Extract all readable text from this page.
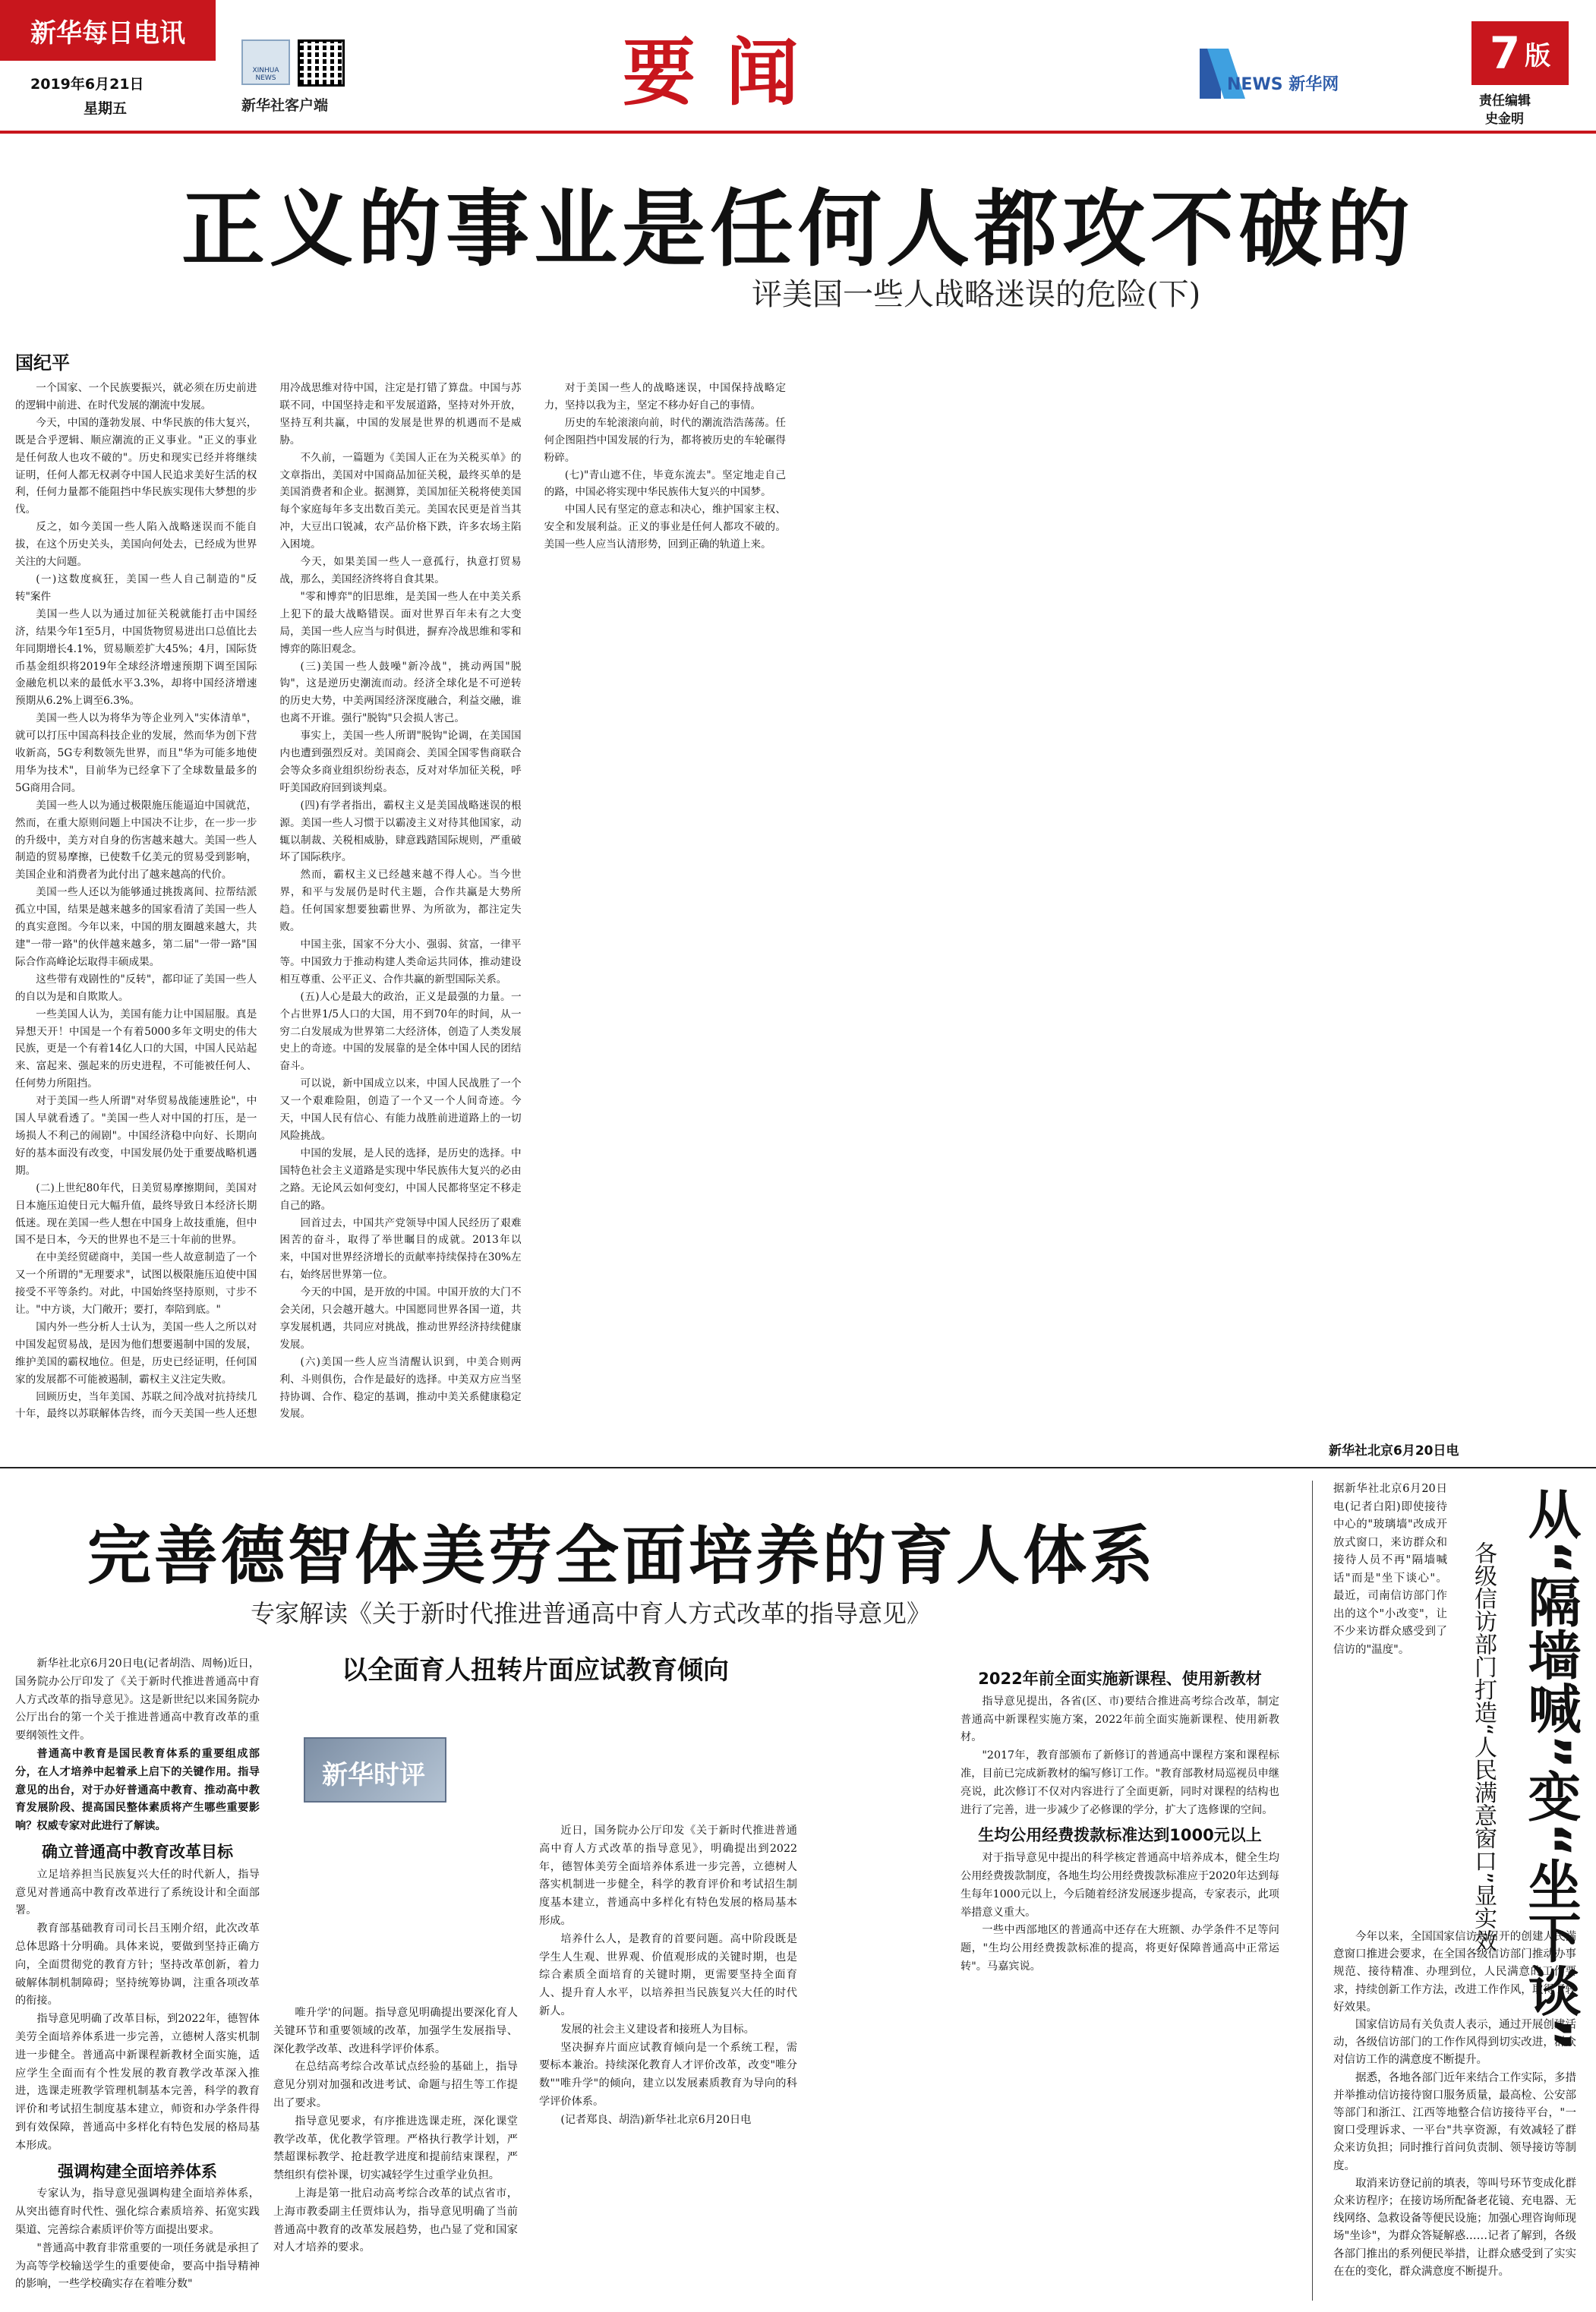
新华每日电讯
2019年6月21日
星期五
XINHUA NEWS
新华社客户端	要闻	NEWS 新华网
7 版
责任编辑
史金明
正义的事业是任何人都攻不破的
评美国一些人战略迷误的危险(下)
国纪平

一个国家、一个民族要振兴，就必须在历史前进的逻辑中前进、在时代发展的潮流中发展。

今天，中国的蓬勃发展、中华民族的伟大复兴，既是合乎逻辑、顺应潮流的正义事业。"正义的事业是任何敌人也攻不破的"。历史和现实已经并将继续证明，任何人都无权剥夺中国人民追求美好生活的权利，任何力量都不能阻挡中华民族实现伟大梦想的步伐。

反之，如今美国一些人陷入战略迷误而不能自拔，在这个历史关头，美国向何处去，已经成为世界关注的大问题。

(一)这数度疯狂，美国一些人自己制造的"反转"案件

美国一些人以为通过加征关税就能打击中国经济，结果今年1至5月，中国货物贸易进出口总值比去年同期增长4.1%，贸易顺差扩大45%；4月，国际货币基金组织将2019年全球经济增速预期下调至国际金融危机以来的最低水平3.3%，却将中国经济增速预期从6.2%上调至6.3%。

美国一些人以为将华为等企业列入"实体清单"，就可以打压中国高科技企业的发展，然而华为创下营收新高，5G专利数领先世界，而且"华为可能多地使用华为技术"，目前华为已经拿下了全球数量最多的5G商用合同。

美国一些人以为通过极限施压能逼迫中国就范，然而，在重大原则问题上中国决不让步，在一步一步的升级中，美方对自身的伤害越来越大。美国一些人制造的贸易摩擦，已使数千亿美元的贸易受到影响，美国企业和消费者为此付出了越来越高的代价。

美国一些人还以为能够通过挑拨离间、拉帮结派孤立中国，结果是越来越多的国家看清了美国一些人的真实意图。今年以来，中国的朋友圈越来越大，共建"一带一路"的伙伴越来越多，第二届"一带一路"国际合作高峰论坛取得丰硕成果。

这些带有戏剧性的"反转"，都印证了美国一些人的自以为是和自欺欺人。

一些美国人认为，美国有能力让中国屈服。真是异想天开！中国是一个有着5000多年文明史的伟大民族，更是一个有着14亿人口的大国，中国人民站起来、富起来、强起来的历史进程，不可能被任何人、任何势力所阻挡。

对于美国一些人所谓"对华贸易战能速胜论"，中国人早就看透了。"美国一些人对中国的打压，是一场损人不利己的闹剧"。中国经济稳中向好、长期向好的基本面没有改变，中国发展仍处于重要战略机遇期。

(二)上世纪80年代，日美贸易摩擦期间，美国对日本施压迫使日元大幅升值，最终导致日本经济长期低迷。现在美国一些人想在中国身上故技重施，但中国不是日本，今天的世界也不是三十年前的世界。

在中美经贸磋商中，美国一些人故意制造了一个又一个所谓的"无理要求"，试图以极限施压迫使中国接受不平等条约。对此，中国始终坚持原则，寸步不让。"中方谈，大门敞开；要打，奉陪到底。"

国内外一些分析人士认为，美国一些人之所以对中国发起贸易战，是因为他们想要遏制中国的发展，维护美国的霸权地位。但是，历史已经证明，任何国家的发展都不可能被遏制，霸权主义注定失败。

回顾历史，当年美国、苏联之间冷战对抗持续几十年，最终以苏联解体告终，而今天美国一些人还想用冷战思维对待中国，注定是打错了算盘。中国与苏联不同，中国坚持走和平发展道路，坚持对外开放，坚持互利共赢，中国的发展是世界的机遇而不是威胁。

不久前，一篇题为《美国人正在为关税买单》的文章指出，美国对中国商品加征关税，最终买单的是美国消费者和企业。据测算，美国加征关税将使美国每个家庭每年多支出数百美元。美国农民更是首当其冲，大豆出口锐减，农产品价格下跌，许多农场主陷入困境。

今天，如果美国一些人一意孤行，执意打贸易战，那么，美国经济终将自食其果。

"零和博弈"的旧思维，是美国一些人在中美关系上犯下的最大战略错误。面对世界百年未有之大变局，美国一些人应当与时俱进，摒弃冷战思维和零和博弈的陈旧观念。

(三)美国一些人鼓噪"新冷战"，挑动两国"脱钩"，这是逆历史潮流而动。经济全球化是不可逆转的历史大势，中美两国经济深度融合，利益交融，谁也离不开谁。强行"脱钩"只会损人害己。

事实上，美国一些人所谓"脱钩"论调，在美国国内也遭到强烈反对。美国商会、美国全国零售商联合会等众多商业组织纷纷表态，反对对华加征关税，呼吁美国政府回到谈判桌。

(四)有学者指出，霸权主义是美国战略迷误的根源。美国一些人习惯于以霸凌主义对待其他国家，动辄以制裁、关税相威胁，肆意践踏国际规则，严重破坏了国际秩序。

然而，霸权主义已经越来越不得人心。当今世界，和平与发展仍是时代主题，合作共赢是大势所趋。任何国家想要独霸世界、为所欲为，都注定失败。

中国主张，国家不分大小、强弱、贫富，一律平等。中国致力于推动构建人类命运共同体，推动建设相互尊重、公平正义、合作共赢的新型国际关系。

(五)人心是最大的政治，正义是最强的力量。一个占世界1/5人口的大国，用不到70年的时间，从一穷二白发展成为世界第二大经济体，创造了人类发展史上的奇迹。中国的发展靠的是全体中国人民的团结奋斗。

可以说，新中国成立以来，中国人民战胜了一个又一个艰难险阻，创造了一个又一个人间奇迹。今天，中国人民有信心、有能力战胜前进道路上的一切风险挑战。

中国的发展，是人民的选择，是历史的选择。中国特色社会主义道路是实现中华民族伟大复兴的必由之路。无论风云如何变幻，中国人民都将坚定不移走自己的路。

回首过去，中国共产党领导中国人民经历了艰难困苦的奋斗，取得了举世瞩目的成就。2013年以来，中国对世界经济增长的贡献率持续保持在30%左右，始终居世界第一位。

今天的中国，是开放的中国。中国开放的大门不会关闭，只会越开越大。中国愿同世界各国一道，共享发展机遇，共同应对挑战，推动世界经济持续健康发展。

(六)美国一些人应当清醒认识到，中美合则两利、斗则俱伤，合作是最好的选择。中美双方应当坚持协调、合作、稳定的基调，推动中美关系健康稳定发展。

对于美国一些人的战略迷误，中国保持战略定力，坚持以我为主，坚定不移办好自己的事情。

历史的车轮滚滚向前，时代的潮流浩浩荡荡。任何企图阻挡中国发展的行为，都将被历史的车轮碾得粉碎。

(七)"青山遮不住，毕竟东流去"。坚定地走自己的路，中国必将实现中华民族伟大复兴的中国梦。

中国人民有坚定的意志和决心，维护国家主权、安全和发展利益。正义的事业是任何人都攻不破的。美国一些人应当认清形势，回到正确的轨道上来。

新华社北京6月20日电
完善德智体美劳全面培养的育人体系
专家解读《关于新时代推进普通高中育人方式改革的指导意见》

新华社北京6月20日电(记者胡浩、周畅)近日，国务院办公厅印发了《关于新时代推进普通高中育人方式改革的指导意见》。这是新世纪以来国务院办公厅出台的第一个关于推进普通高中教育改革的重要纲领性文件。

普通高中教育是国民教育体系的重要组成部分，在人才培养中起着承上启下的关键作用。指导意见的出台，对于办好普通高中教育、推动高中教育发展阶段、提高国民整体素质将产生哪些重要影响？权威专家对此进行了解读。

确立普通高中教育改革目标

立足培养担当民族复兴大任的时代新人，指导意见对普通高中教育改革进行了系统设计和全面部署。

教育部基础教育司司长吕玉刚介绍，此次改革总体思路十分明确。具体来说，要做到坚持正确方向，全面贯彻党的教育方针；坚持改革创新，着力破解体制机制障碍；坚持统筹协调，注重各项改革的衔接。

指导意见明确了改革目标，到2022年，德智体美劳全面培养体系进一步完善，立德树人落实机制进一步健全。普通高中新课程新教材全面实施，适应学生全面而有个性发展的教育教学改革深入推进，选课走班教学管理机制基本完善，科学的教育评价和考试招生制度基本建立，师资和办学条件得到有效保障，普通高中多样化有特色发展的格局基本形成。

强调构建全面培养体系

专家认为，指导意见强调构建全面培养体系，从突出德育时代性、强化综合素质培养、拓宽实践渠道、完善综合素质评价等方面提出要求。

"普通高中教育非常重要的一项任务就是承担了为高等学校输送学生的重要使命，要高中指导精神的影响，一些学校确实存在着唯分数"

以全面育人扭转片面应试教育倾向
新华时评

近日，国务院办公厅印发《关于新时代推进普通高中育人方式改革的指导意见》，明确提出到2022年，德智体美劳全面培养体系进一步完善，立德树人落实机制进一步健全，科学的教育评价和考试招生制度基本建立，普通高中多样化有特色发展的格局基本形成。

培养什么人，是教育的首要问题。高中阶段既是学生人生观、世界观、价值观形成的关键时期，也是综合素质全面培育的关键时期，更需要坚持全面育人、提升育人水平，以培养担当民族复兴大任的时代新人。

发展的社会主义建设者和接班人为目标。

坚决摒弃片面应试教育倾向是一个系统工程，需要标本兼治。持续深化教育人才评价改革，改变"唯分数""唯升学"的倾向，建立以发展素质教育为导向的科学评价体系。

(记者郑良、胡浩)新华社北京6月20日电

唯升学'的问题。指导意见明确提出要深化育人关键环节和重要领域的改革，加强学生发展指导、深化教学改革、改进科学评价体系。

在总结高考综合改革试点经验的基础上，指导意见分别对加强和改进考试、命题与招生等工作提出了要求。

指导意见要求，有序推进选课走班，深化课堂教学改革，优化教学管理。严格执行教学计划，严禁超课标教学、抢赶教学进度和提前结束课程，严禁组织有偿补课，切实减轻学生过重学业负担。

上海是第一批启动高考综合改革的试点省市，上海市教委副主任贾炜认为，指导意见明确了当前普通高中教育的改革发展趋势，也凸显了党和国家对人才培养的要求。

2022年前全面实施新课程、使用新教材

指导意见提出，各省(区、市)要结合推进高考综合改革，制定普通高中新课程实施方案，2022年前全面实施新课程、使用新教材。

"2017年，教育部颁布了新修订的普通高中课程方案和课程标准，目前已完成新教材的编写修订工作。"教育部教材局巡视员申继亮说，此次修订不仅对内容进行了全面更新，同时对课程的结构也进行了完善，进一步减少了必修课的学分，扩大了选修课的空间。

生均公用经费拨款标准达到1000元以上

对于指导意见中提出的科学核定普通高中培养成本，健全生均公用经费拨款制度，各地生均公用经费拨款标准应于2020年达到每生每年1000元以上，今后随着经济发展逐步提高，专家表示，此项举措意义重大。

一些中西部地区的普通高中还存在大班额、办学条件不足等问题，"生均公用经费拨款标准的提高，将更好保障普通高中正常运转"。马嘉宾说。

据新华社北京6月20日电(记者白阳)即使接待中心的"玻璃墙"改成开放式窗口，来访群众和接待人员不再"隔墙喊话"而是"坐下谈心"。最近，司南信访部门作出的这个"小改变"，让不少来访群众感受到了信访的"温度"。	从“隔墙喊”变“坐下谈”
各级信访部门打造“人民满意窗口”显实效

今年以来，全国国家信访局召开的创建人民满意窗口推进会要求，在全国各级信访部门推动办事规范、接待精准、办理到位，人民满意的工作要求，持续创新工作方法，改进工作作风，取得了较好效果。

国家信访局有关负责人表示，通过开展创建活动，各级信访部门的工作作风得到切实改进，群众对信访工作的满意度不断提升。

据悉，各地各部门近年来结合工作实际，多措并举推动信访接待窗口服务质量，最高检、公安部等部门和浙江、江西等地整合信访接待平台，"一窗口受理诉求、一平台"共享资源，有效减轻了群众来访负担；同时推行首问负责制、领导接访等制度。

取消来访登记前的填表，等叫号环节变成化群众来访程序；在接访场所配备老花镜、充电器、无线网络、急救设备等便民设施；加强心理咨询师现场"坐诊"，为群众答疑解惑……记者了解到，各级各部门推出的系列便民举措，让群众感受到了实实在在的变化，群众满意度不断提升。
